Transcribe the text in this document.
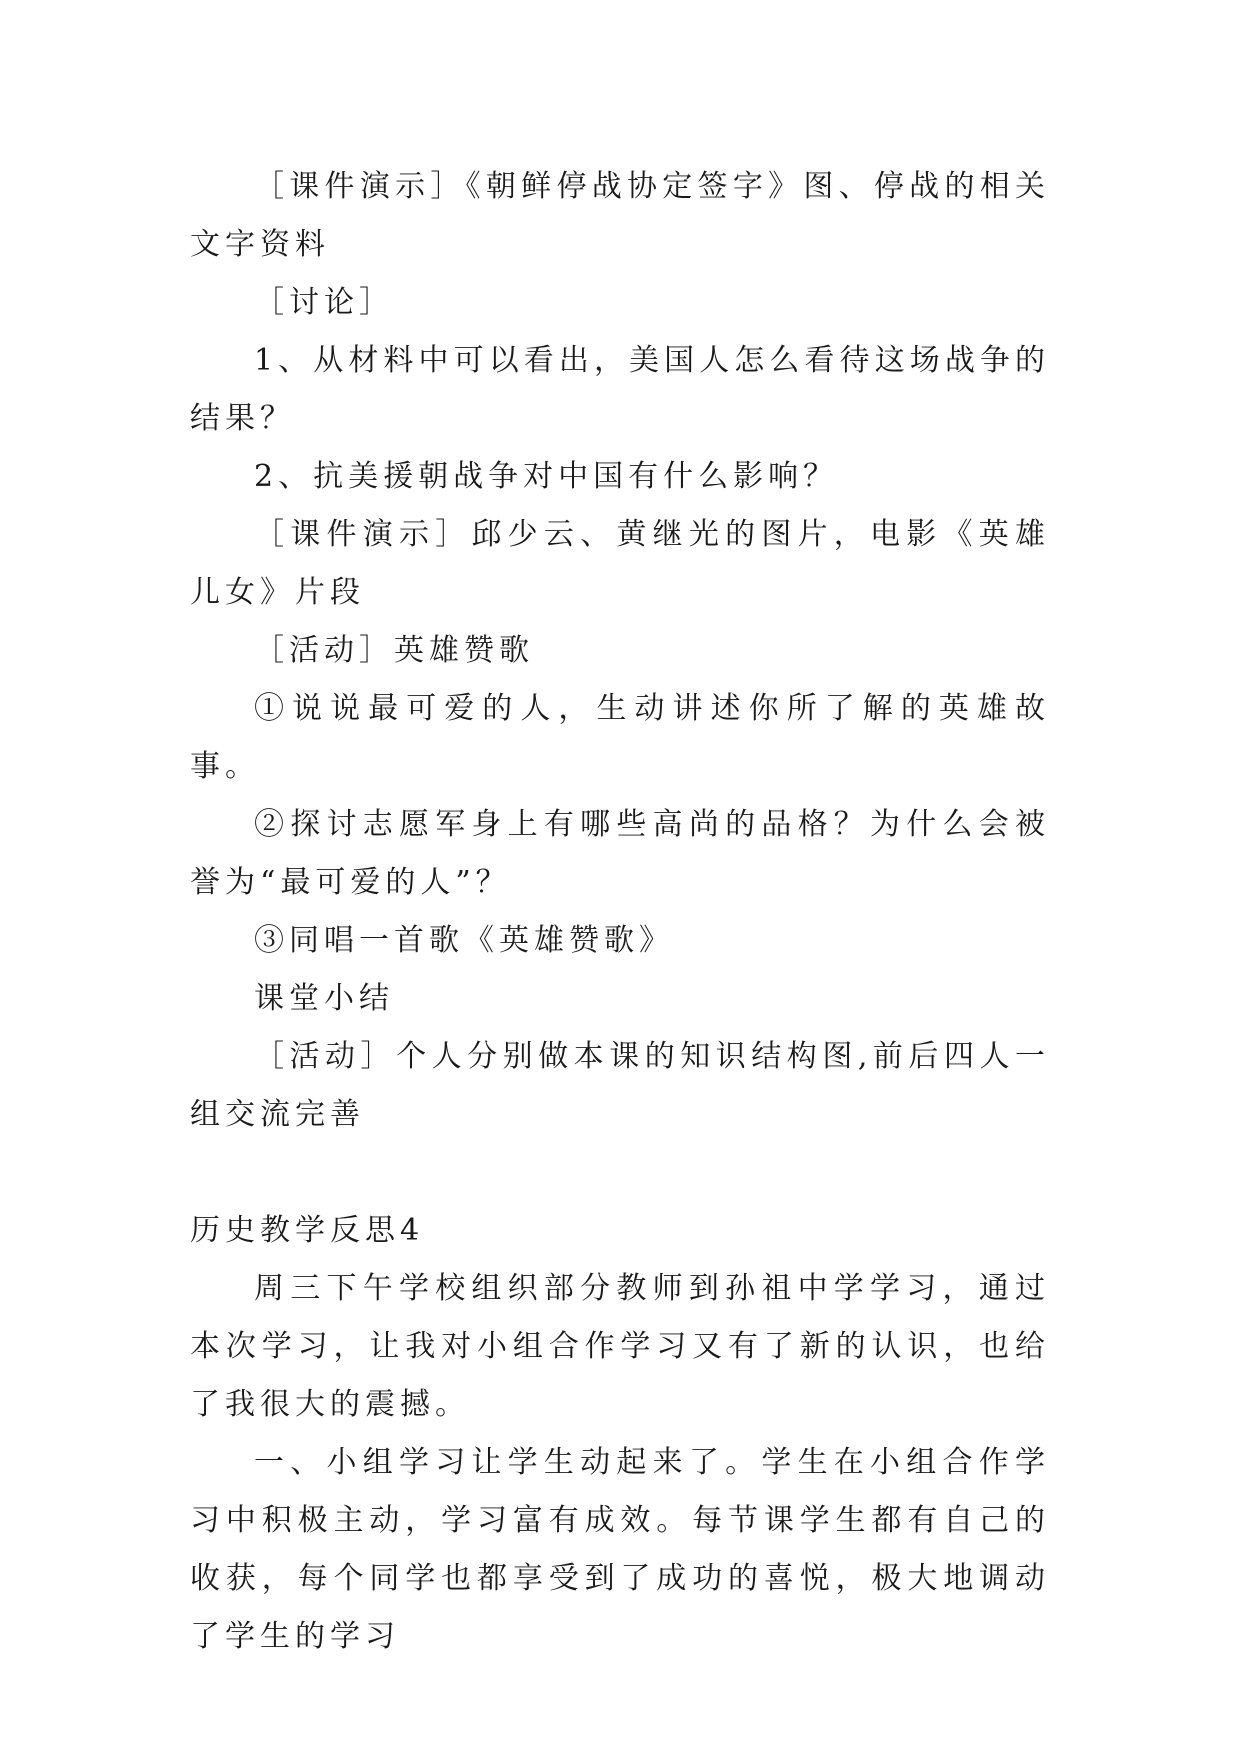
［课件演示］《朝鲜停战协定签字》图、停战的相关文字资料

［讨论］

1、从材料中可以看出，美国人怎么看待这场战争的结果？

2、抗美援朝战争对中国有什么影响？

［课件演示］邱少云、黄继光的图片，电影《英雄儿女》片段

［活动］英雄赞歌

①说说最可爱的人，生动讲述你所了解的英雄故事。

②探讨志愿军身上有哪些高尚的品格？为什么会被誉为“最可爱的人”？

③同唱一首歌《英雄赞歌》

课堂小结

［活动］个人分别做本课的知识结构图,前后四人一组交流完善

历史教学反思4

周三下午学校组织部分教师到孙祖中学学习，通过本次学习，让我对小组合作学习又有了新的认识，也给了我很大的震撼。

一、小组学习让学生动起来了。学生在小组合作学习中积极主动，学习富有成效。每节课学生都有自己的收获，每个同学也都享受到了成功的喜悦，极大地调动了学生的学习
